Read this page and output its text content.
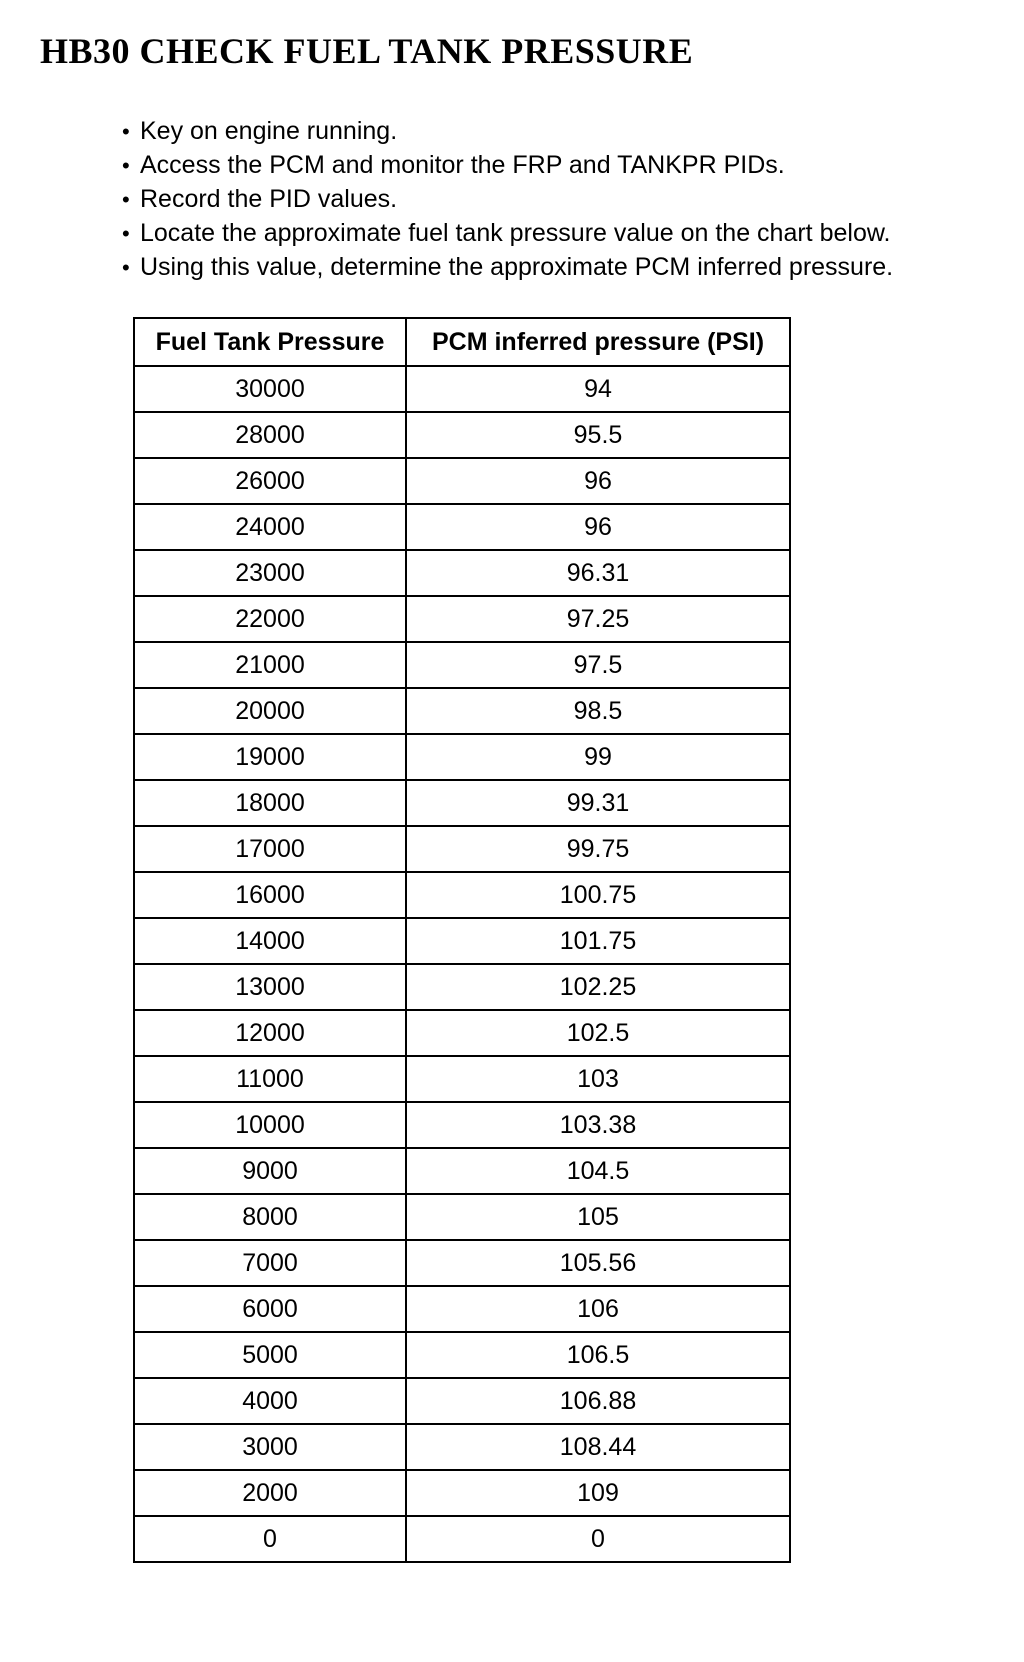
HB30 CHECK FUEL TANK PRESSURE
• Key on engine running.
• Access the PCM and monitor the FRP and TANKPR PIDs.
• Record the PID values.
• Locate the approximate fuel tank pressure value on the chart below.
• Using this value, determine the approximate PCM inferred pressure.
Fuel Tank Pressure	PCM inferred pressure (PSI)
30000	94
28000	95.5
26000	96
24000	96
23000	96.31
22000	97.25
21000	97.5
20000	98.5
19000	99
18000	99.31
17000	99.75
16000	100.75
14000	101.75
13000	102.25
12000	102.5
11000	103
10000	103.38
9000	104.5
8000	105
7000	105.56
6000	106
5000	106.5
4000	106.88
3000	108.44
2000	109
0	0
